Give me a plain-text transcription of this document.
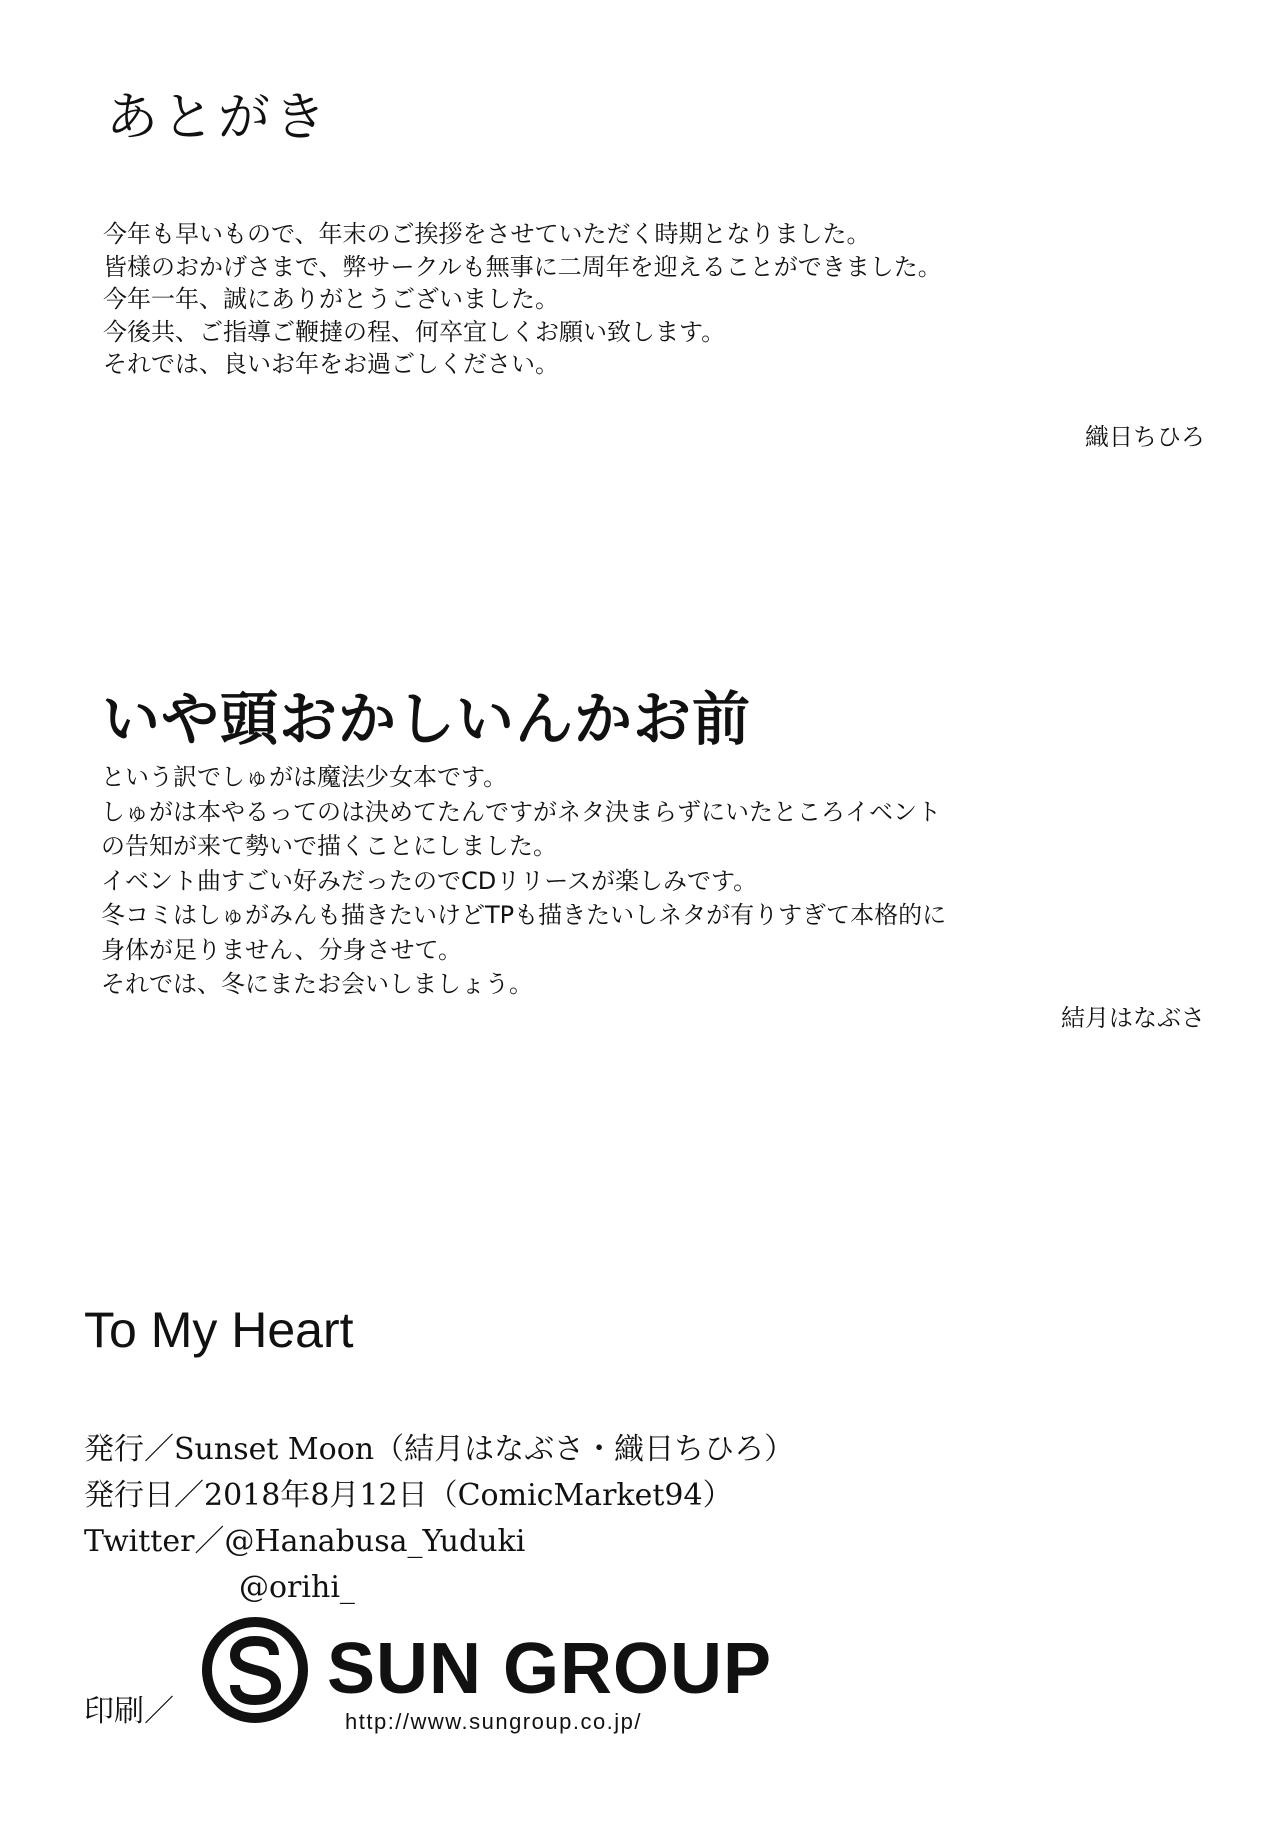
あとがき
今年も早いもので、年末のご挨拶をさせていただく時期となりました。
皆様のおかげさまで、弊サークルも無事に二周年を迎えることができました。
今年一年、誠にありがとうございました。
今後共、ご指導ご鞭撻の程、何卒宜しくお願い致します。
それでは、良いお年をお過ごしください。
織日ちひろ
いや頭おかしいんかお前
という訳でしゅがは魔法少女本です。
しゅがは本やるってのは決めてたんですがネタ決まらずにいたところイベント
の告知が来て勢いで描くことにしました。
イベント曲すごい好みだったのでCDリリースが楽しみです。
冬コミはしゅがみんも描きたいけどTPも描きたいしネタが有りすぎて本格的に
身体が足りません、分身させて。
それでは、冬にまたお会いしましょう。
結月はなぶさ
To My Heart
発行／Sunset Moon（結月はなぶさ・織日ちひろ）
発行日／2018年8月12日（ComicMarket94）
Twitter／@Hanabusa_Yuduki
@orihi_
印刷／
SUN GROUP
http://www.sungroup.co.jp/
